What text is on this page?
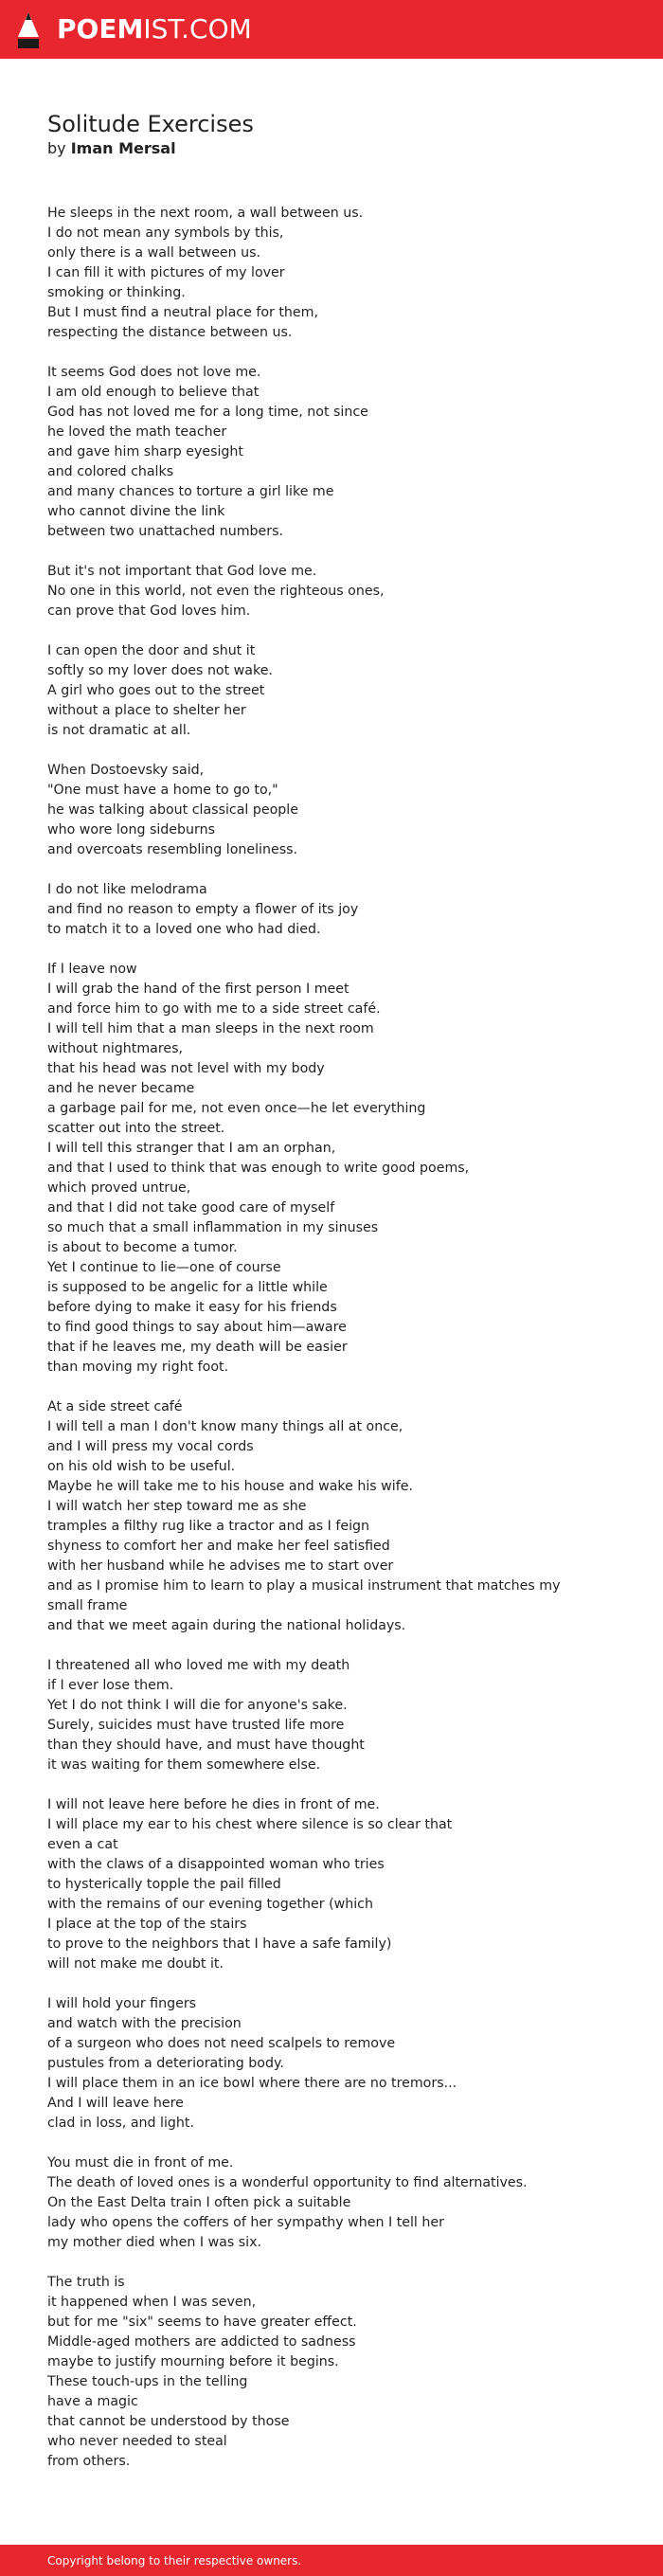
POEMIST.COM
Solitude Exercises
by Iman Mersal
He sleeps in the next room, a wall between us.
I do not mean any symbols by this,
only there is a wall between us.
I can fill it with pictures of my lover
smoking or thinking.
But I must find a neutral place for them,
respecting the distance between us.
It seems God does not love me.
I am old enough to believe that
God has not loved me for a long time, not since
he loved the math teacher
and gave him sharp eyesight
and colored chalks
and many chances to torture a girl like me
who cannot divine the link
between two unattached numbers.
But it's not important that God love me.
No one in this world, not even the righteous ones,
can prove that God loves him.
I can open the door and shut it
softly so my lover does not wake.
A girl who goes out to the street
without a place to shelter her
is not dramatic at all.
When Dostoevsky said,
"One must have a home to go to,"
he was talking about classical people
who wore long sideburns
and overcoats resembling loneliness.
I do not like melodrama
and find no reason to empty a flower of its joy
to match it to a loved one who had died.
If I leave now
I will grab the hand of the first person I meet
and force him to go with me to a side street café.
I will tell him that a man sleeps in the next room
without nightmares,
that his head was not level with my body
and he never became
a garbage pail for me, not even once—he let everything
scatter out into the street.
I will tell this stranger that I am an orphan,
and that I used to think that was enough to write good poems,
which proved untrue,
and that I did not take good care of myself
so much that a small inflammation in my sinuses
is about to become a tumor.
Yet I continue to lie—one of course
is supposed to be angelic for a little while
before dying to make it easy for his friends
to find good things to say about him—aware
that if he leaves me, my death will be easier
than moving my right foot.
At a side street café
I will tell a man I don't know many things all at once,
and I will press my vocal cords
on his old wish to be useful.
Maybe he will take me to his house and wake his wife.
I will watch her step toward me as she
tramples a filthy rug like a tractor and as I feign
shyness to comfort her and make her feel satisfied
with her husband while he advises me to start over
and as I promise him to learn to play a musical instrument that matches my
small frame
and that we meet again during the national holidays.
I threatened all who loved me with my death
if I ever lose them.
Yet I do not think I will die for anyone's sake.
Surely, suicides must have trusted life more
than they should have, and must have thought
it was waiting for them somewhere else.
I will not leave here before he dies in front of me.
I will place my ear to his chest where silence is so clear that
even a cat
with the claws of a disappointed woman who tries
to hysterically topple the pail filled
with the remains of our evening together (which
I place at the top of the stairs
to prove to the neighbors that I have a safe family)
will not make me doubt it.
I will hold your fingers
and watch with the precision
of a surgeon who does not need scalpels to remove
pustules from a deteriorating body.
I will place them in an ice bowl where there are no tremors...
And I will leave here
clad in loss, and light.
You must die in front of me.
The death of loved ones is a wonderful opportunity to find alternatives.
On the East Delta train I often pick a suitable
lady who opens the coffers of her sympathy when I tell her
my mother died when I was six.
The truth is
it happened when I was seven,
but for me "six" seems to have greater effect.
Middle-aged mothers are addicted to sadness
maybe to justify mourning before it begins.
These touch-ups in the telling
have a magic
that cannot be understood by those
who never needed to steal
from others.
Copyright belong to their respective owners.
